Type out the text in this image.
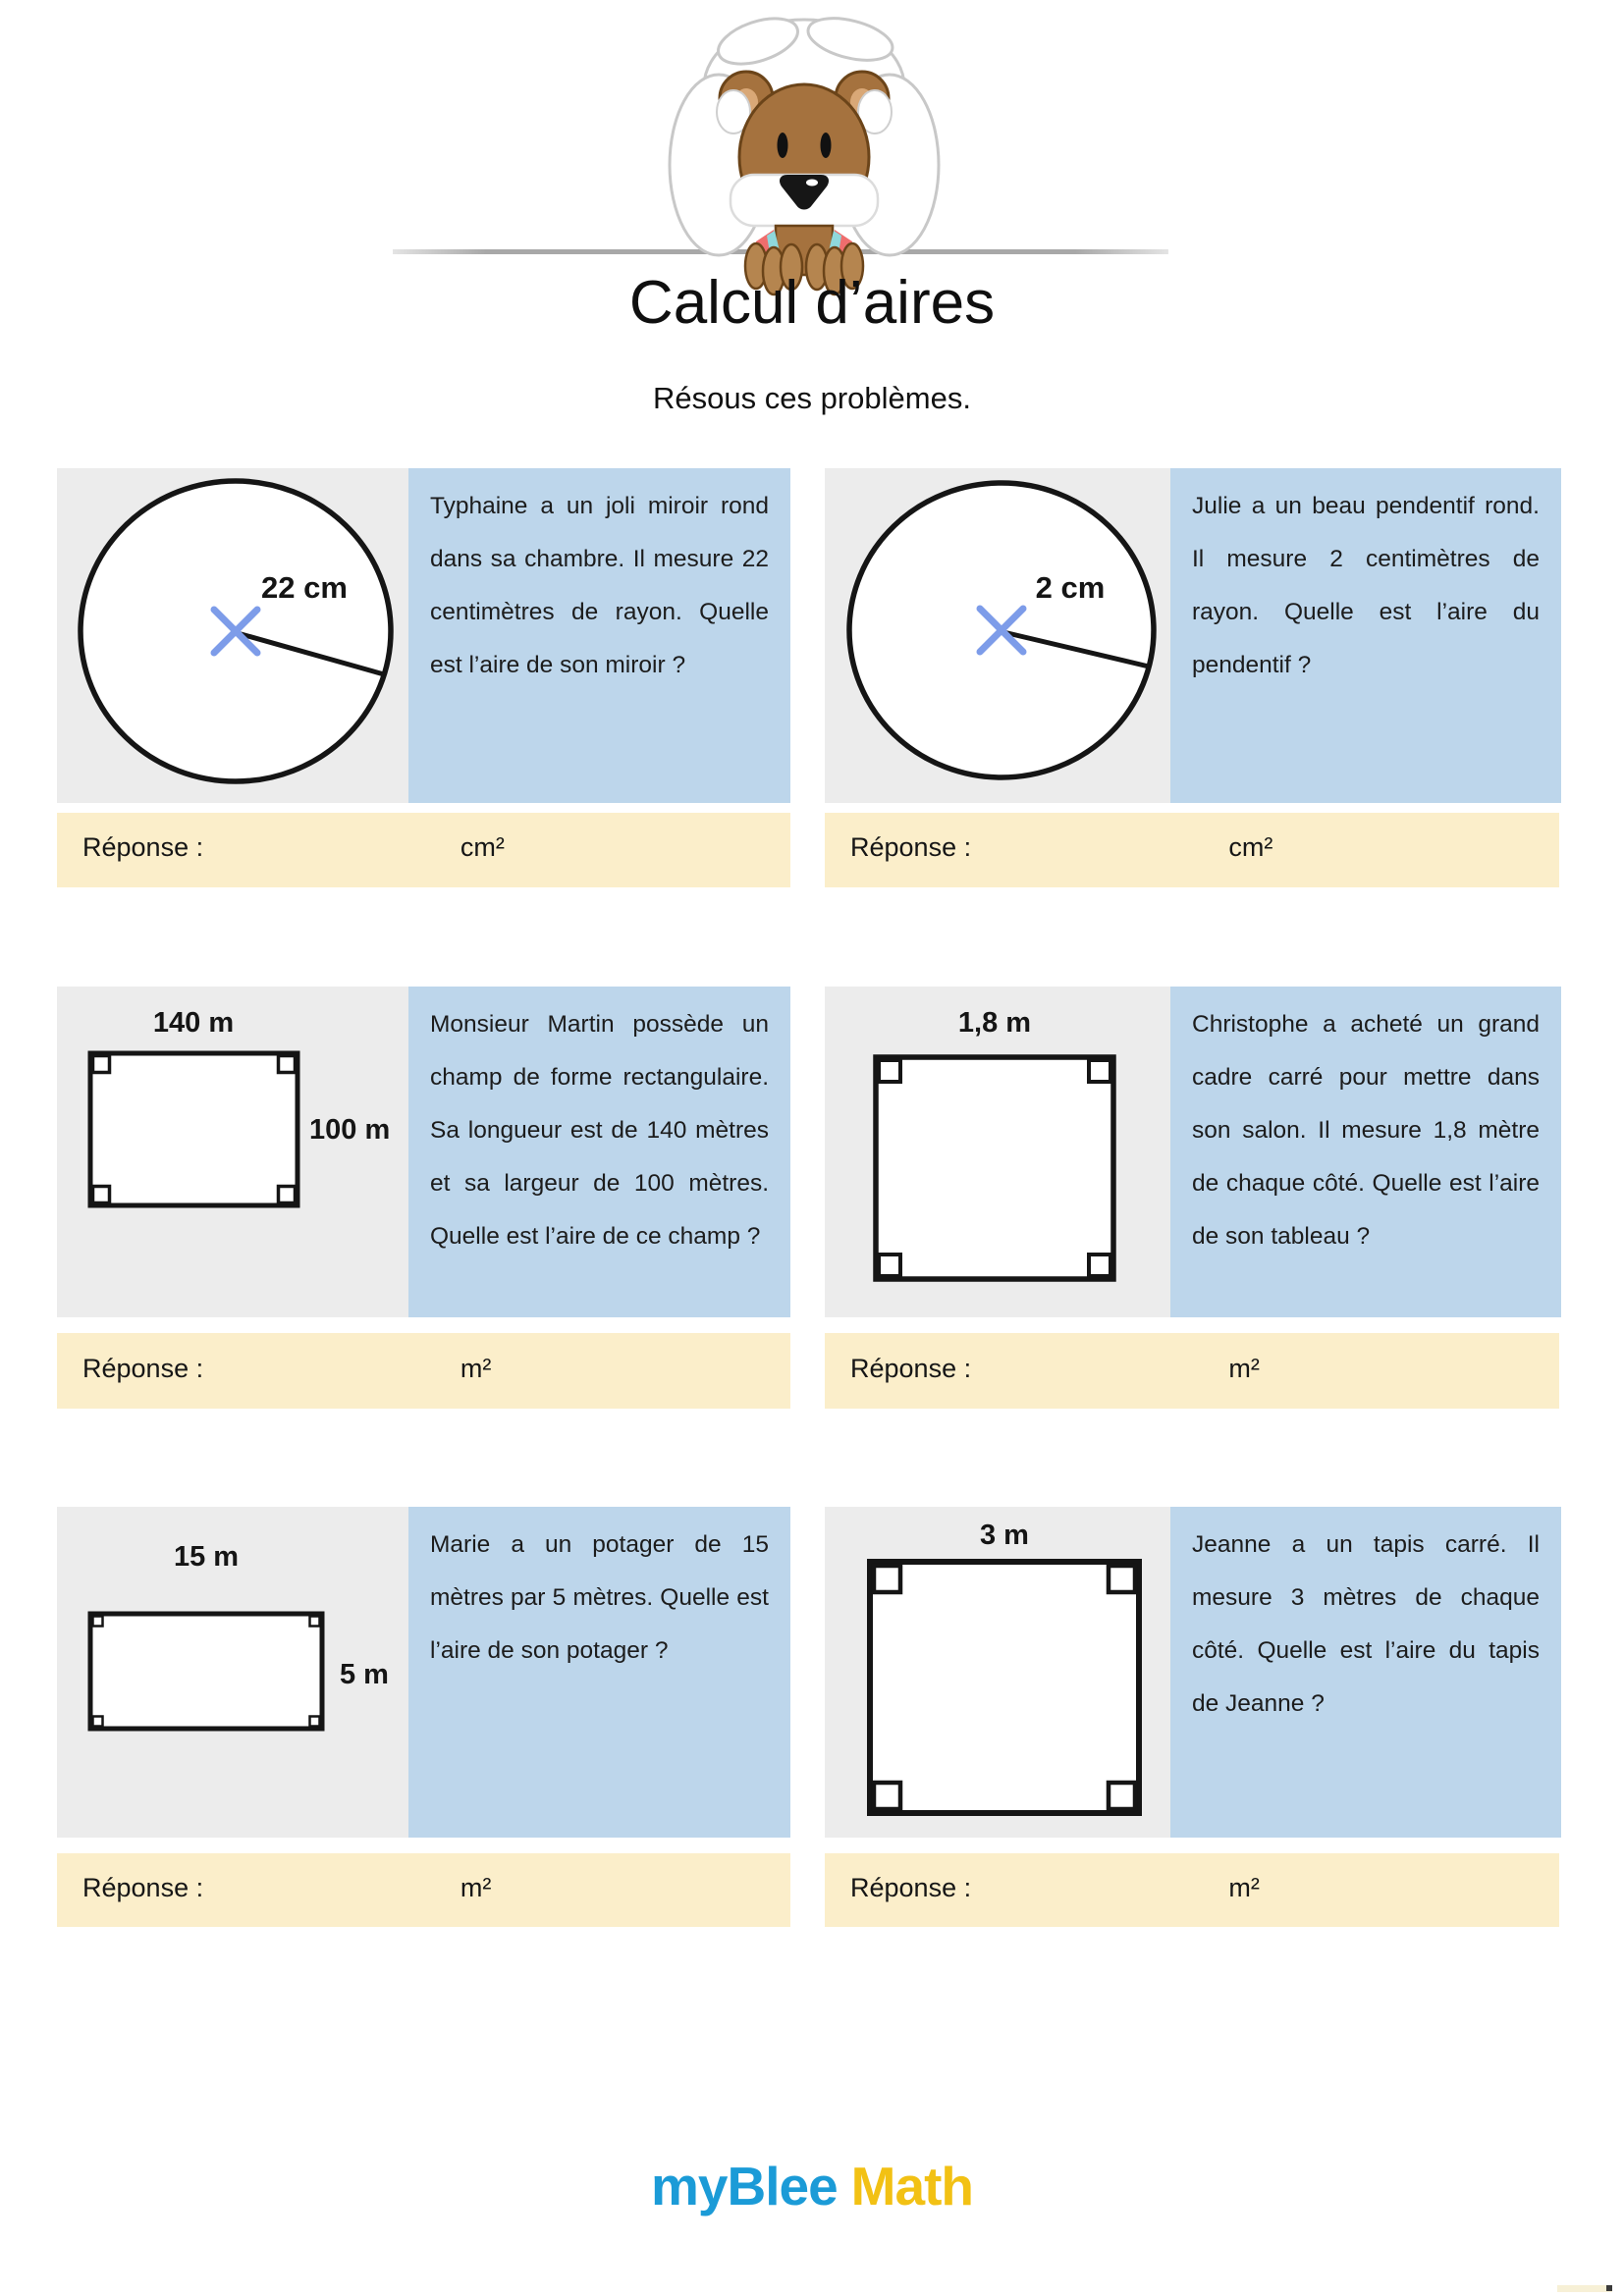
Calcul d’aires
Résous ces problèmes.
22 cm

Typhaine a un joli miroir rond dans sa chambre. Il mesure 22 centimètres de rayon. Quelle est l’aire de son miroir ?

2 cm

Julie a un beau pendentif rond. Il mesure 2 centimètres de rayon. Quelle est l’aire du pendentif ?

Réponse :	cm²	Réponse :	cm²
140 m
100 m

Monsieur Martin possède un champ de forme rectangulaire. Sa longueur est de 140 mètres et sa largeur de 100 mètres. Quelle est l’aire de ce champ ?

1,8 m	Christophe a acheté un grand cadre carré pour mettre dans son salon. Il mesure 1,8 mètre de chaque côté. Quelle est l’aire de son tableau ?

Réponse :	m²	Réponse :	m²
15 m
5 m

Marie a un potager de 15 mètres par 5 mètres. Quelle est l’aire de son potager ?

3 m	Jeanne a un tapis carré. Il mesure 3 mètres de chaque côté. Quelle est l’aire du tapis de Jeanne ?

Réponse :	m²	Réponse :	m²
myBlee Math
